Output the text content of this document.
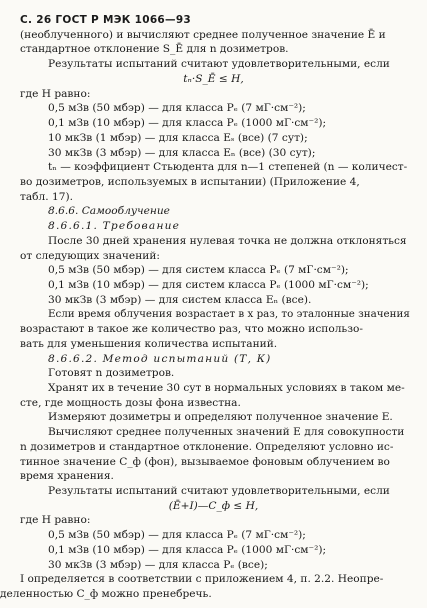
С. 26 ГОСТ Р МЭК 1066—93
(необлученного) и вычисляют среднее полученное значение Ē и
стандартное отклонение S_Ē для n дозиметров.
Результаты испытаний считают удовлетворительными, если
tₙ·S_Ē ≤ H,
где H равно:
0,5 мЗв (50 мбэр) — для класса Pₑ (7 мГ·см⁻²);
0,1 мЗв (10 мбэр) — для класса Pₑ (1000 мГ·см⁻²);
10 мкЗв (1 мбэр) — для класса Eₛ (все) (7 сут);
30 мкЗв (3 мбэр) — для класса Eₙ (все) (30 сут);
tₙ — коэффициент Стьюдента для n—1 степеней (n — количест-
во дозиметров, используемых в испытании) (Приложение 4,
табл. 17).
8.6.6. Самооблучение
8.6.6.1. Требование
После 30 дней хранения нулевая точка не должна отклоняться
от следующих значений:
0,5 мЗв (50 мбэр) — для систем класса Pₑ (7 мГ·см⁻²);
0,1 мЗв (10 мбэр) — для систем класса Pₑ (1000 мГ·см⁻²);
30 мкЗв (3 мбэр) — для систем класса Eₙ (все).
Если время облучения возрастает в x раз, то эталонные значения
возрастают в такое же количество раз, что можно использо-
вать для уменьшения количества испытаний.
8.6.6.2. Метод испытаний (Т, К)
Готовят n дозиметров.
Хранят их в течение 30 сут в нормальных условиях в таком ме-
сте, где мощность дозы фона известна.
Измеряют дозиметры и определяют полученное значение E.
Вычисляют среднее полученных значений E для совокупности
n дозиметров и стандартное отклонение. Определяют условно ис-
тинное значение C_ф (фон), вызываемое фоновым облучением во
время хранения.
Результаты испытаний считают удовлетворительными, если
(Ē+I)—C_ф ≤ H,
где H равно:
0,5 мЗв (50 мбэр) — для класса Pₑ (7 мГ·см⁻²);
0,1 мЗв (10 мбэр) — для класса Pₑ (1000 мГ·см⁻²);
30 мкЗв (3 мбэр) — для класса Pₑ (все);
I определяется в соответствии с приложением 4, п. 2.2. Неопре-
деленностью C_ф можно пренебречь.
